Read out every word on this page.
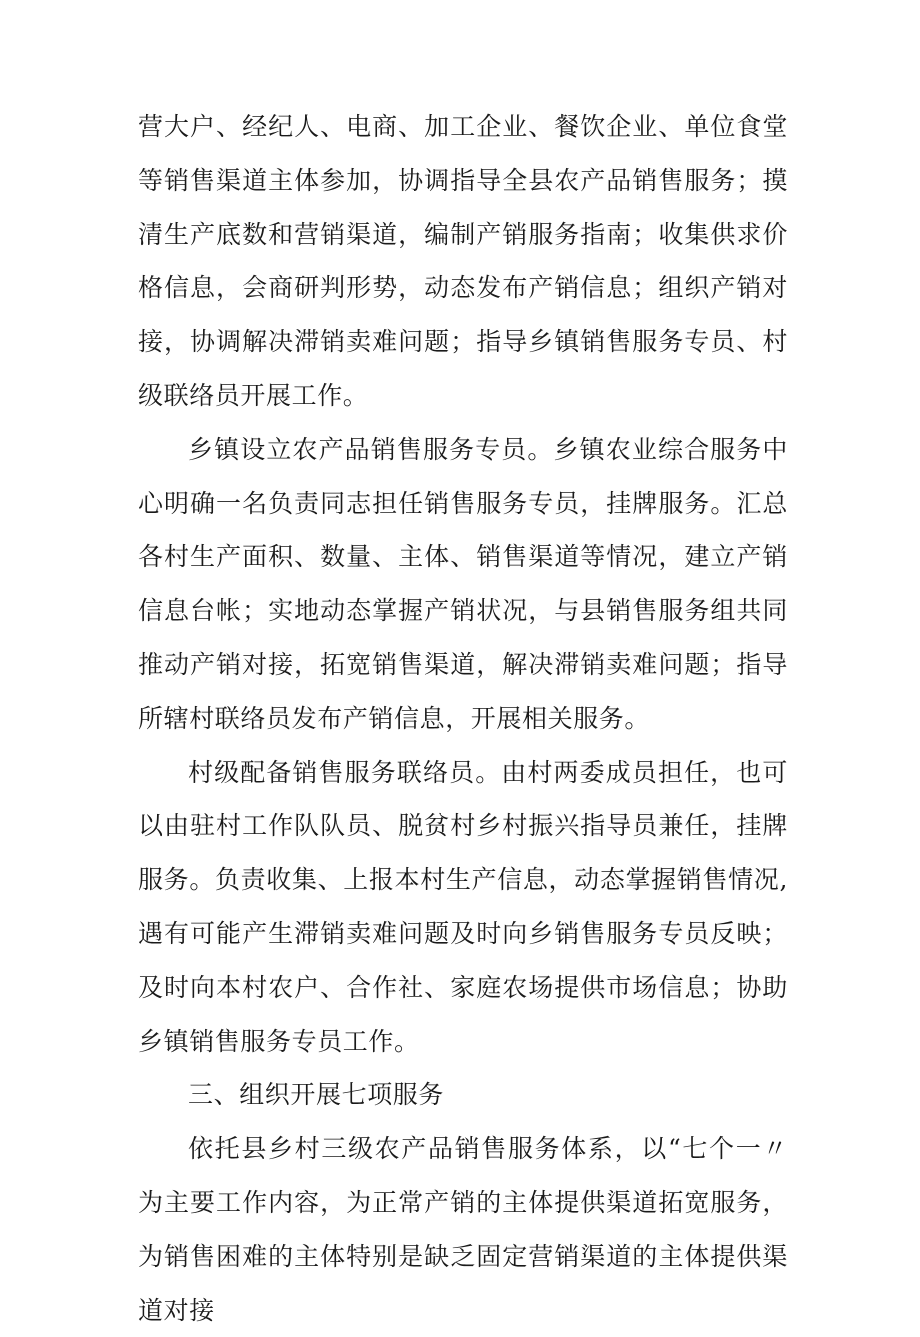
营大户、经纪人、电商、加工企业、餐饮企业、单位食堂等销售渠道主体参加，协调指导全县农产品销售服务；摸清生产底数和营销渠道，编制产销服务指南；收集供求价格信息，会商研判形势，动态发布产销信息；组织产销对接，协调解决滞销卖难问题；指导乡镇销售服务专员、村级联络员开展工作。

乡镇设立农产品销售服务专员。乡镇农业综合服务中心明确一名负责同志担任销售服务专员，挂牌服务。汇总各村生产面积、数量、主体、销售渠道等情况，建立产销信息台帐；实地动态掌握产销状况，与县销售服务组共同推动产销对接，拓宽销售渠道，解决滞销卖难问题；指导所辖村联络员发布产销信息，开展相关服务。

村级配备销售服务联络员。由村两委成员担任，也可以由驻村工作队队员、脱贫村乡村振兴指导员兼任，挂牌服务。负责收集、上报本村生产信息，动态掌握销售情况,遇有可能产生滞销卖难问题及时向乡销售服务专员反映；及时向本村农户、合作社、家庭农场提供市场信息；协助乡镇销售服务专员工作。

三、组织开展七项服务

依托县乡村三级农产品销售服务体系，以“七个一〃为主要工作内容，为正常产销的主体提供渠道拓宽服务，为销售困难的主体特别是缺乏固定营销渠道的主体提供渠道对接
